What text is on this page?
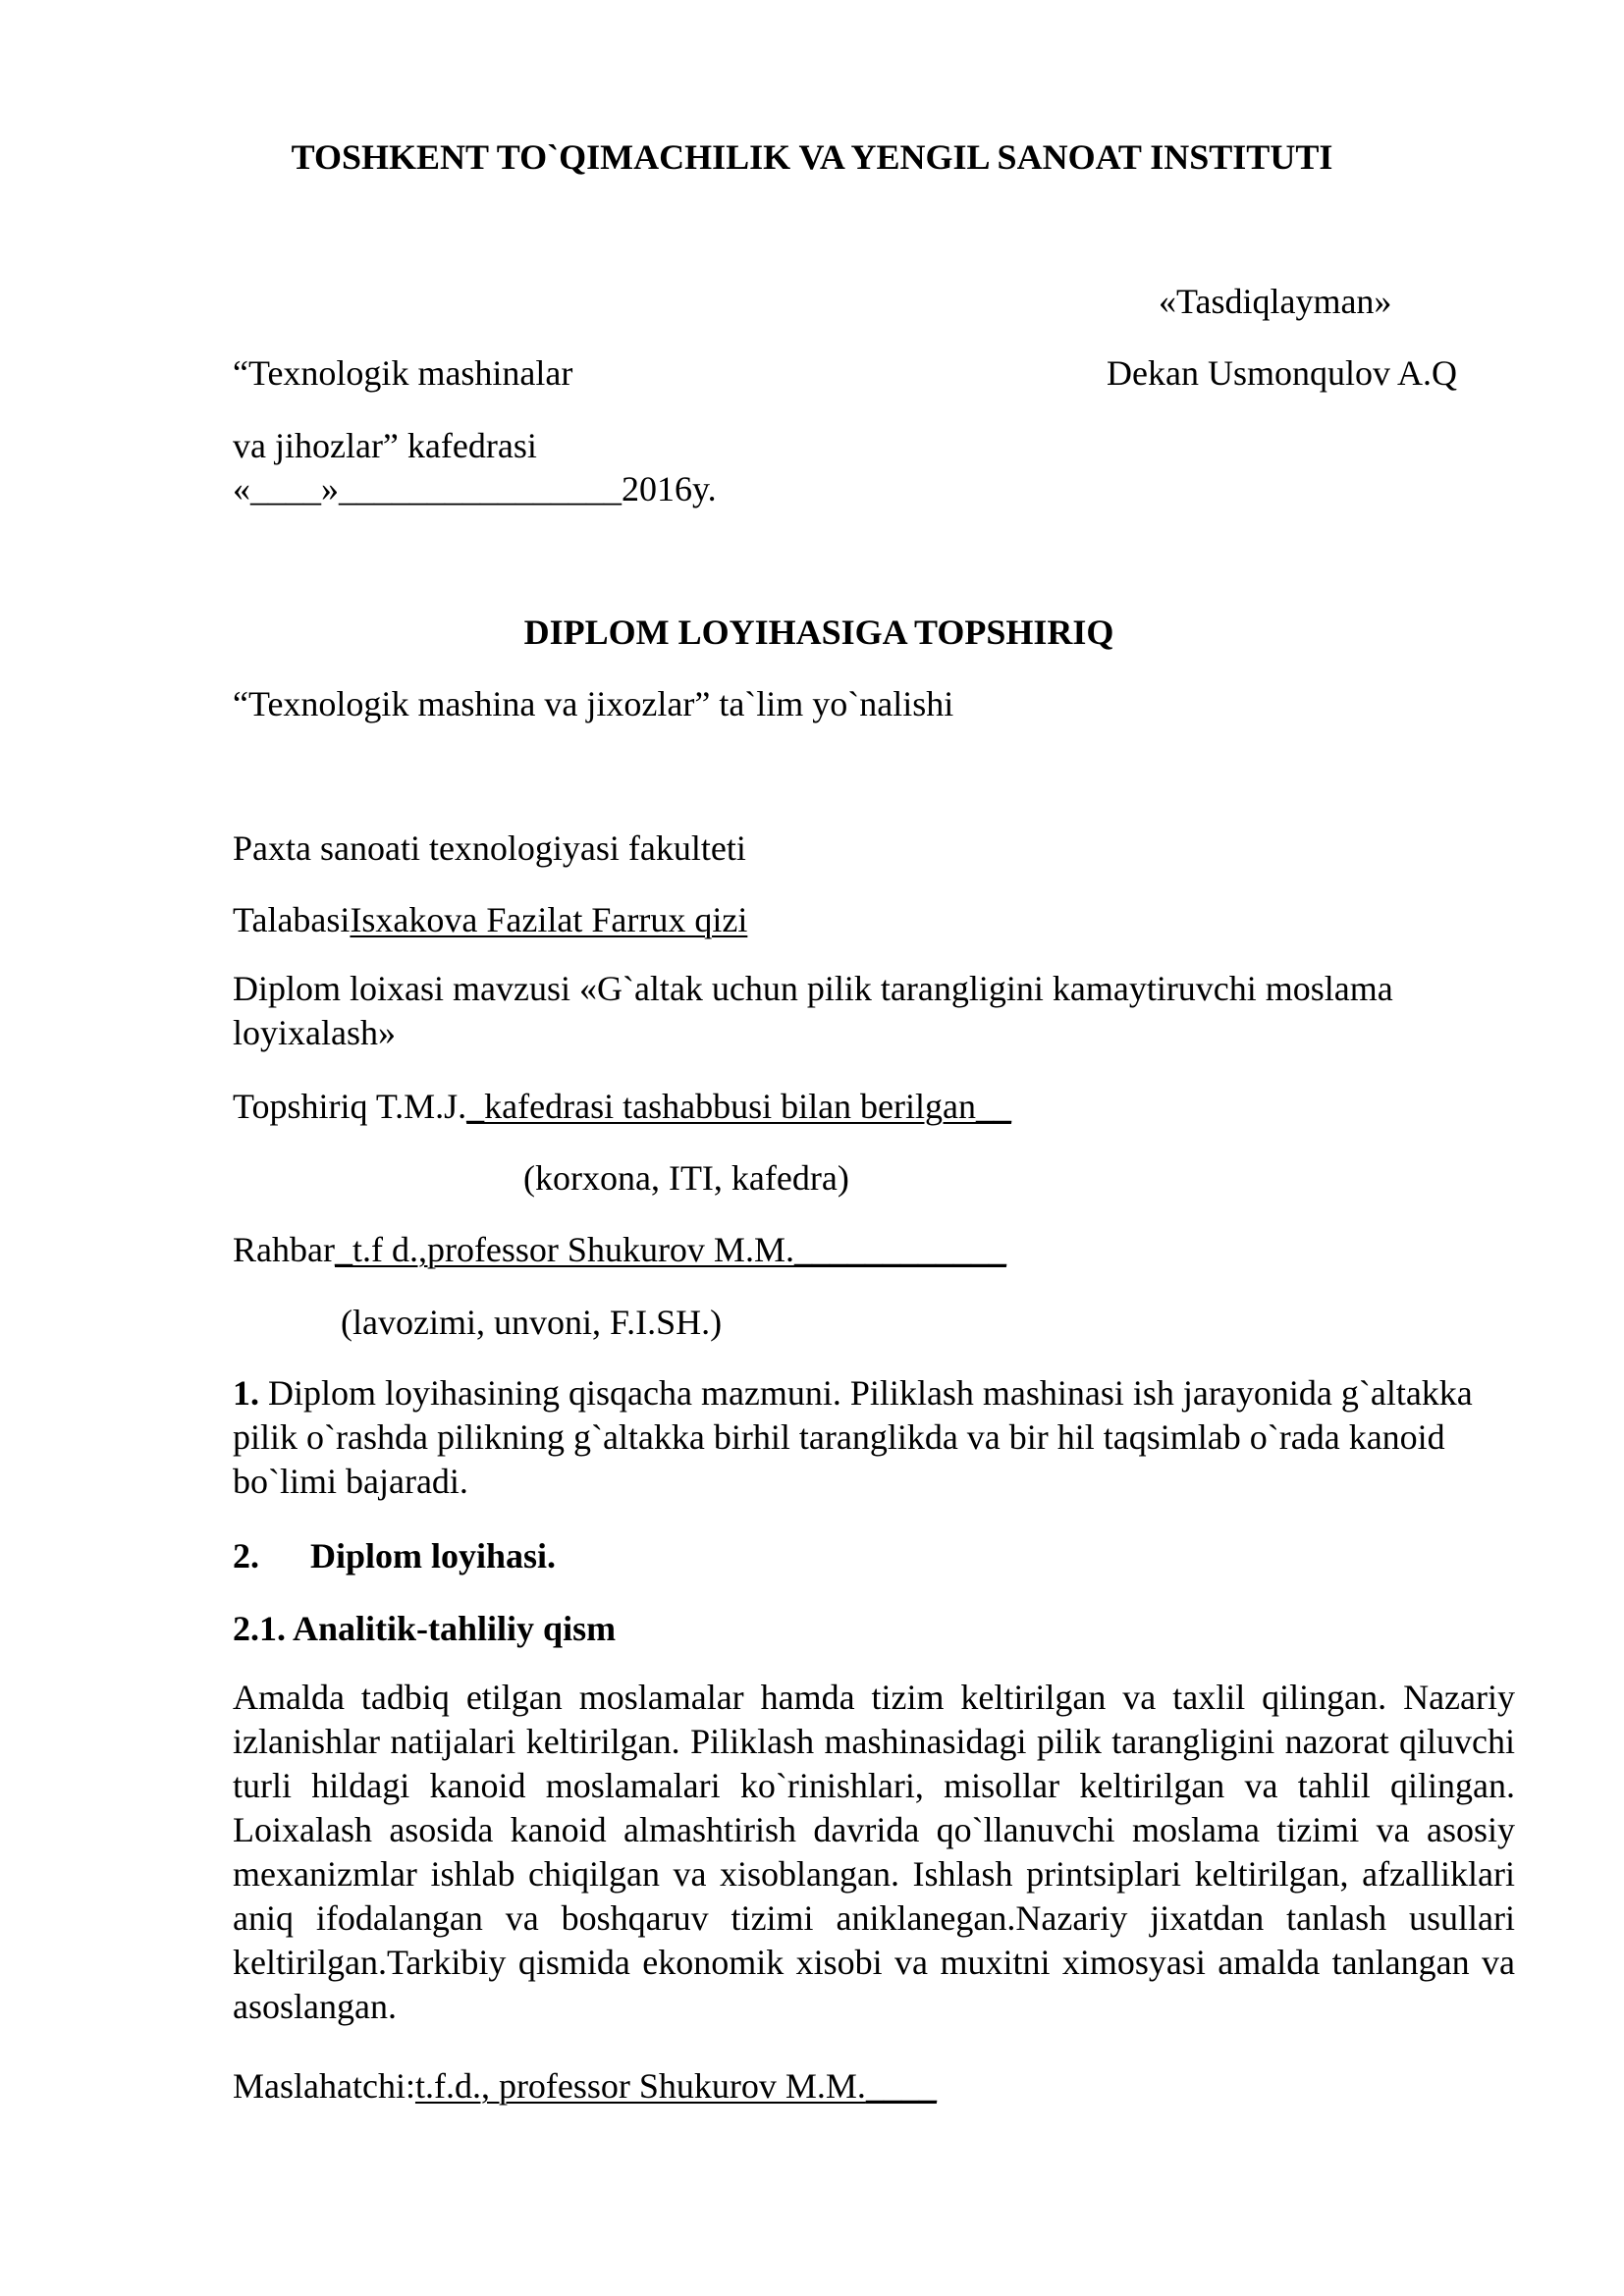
TOSHKENT TO`QIMACHILIK VA YENGIL SANOAT INSTITUTI
«Tasdiqlayman»
Dekan Usmonqulov A.Q
“Texnologik mashinalar
va jihozlar” kafedrasi
«____»________________2016y.
DIPLOM LOYIHASIGA TOPSHIRIQ
“Texnologik mashina va jixozlar” ta`lim yo`nalishi
Paxta sanoati texnologiyasi fakulteti
TalabasiIsxakova Fazilat Farrux qizi
Diplom loixasi mavzusi «G`altak uchun pilik tarangligini kamaytiruvchi moslama loyixalash»
Topshiriq T.M.J._kafedrasi tashabbusi bilan berilgan__
(korxona, ITI, kafedra)
Rahbar_t.f d.,professor Shukurov M.M.____________
(lavozimi, unvoni, F.I.SH.)
1. Diplom loyihasining qisqacha mazmuni. Piliklash mashinasi ish jarayonida g`altakka pilik o`rashda pilikning g`altakka birhil taranglikda va bir hil taqsimlab o`rada kanoid bo`limi bajaradi.
2. Diplom loyihasi.
2.1. Analitik-tahliliy qism
Amalda tadbiq etilgan moslamalar hamda tizim keltirilgan va taxlil qilingan. Nazariy izlanishlar natijalari keltirilgan. Piliklash mashinasidagi pilik tarangligini nazorat qiluvchi turli hildagi kanoid moslamalari ko`rinishlari, misollar keltirilgan va tahlil qilingan. Loixalash asosida kanoid almashtirish davrida qo`llanuvchi moslama tizimi va asosiy mexanizmlar ishlab chiqilgan va xisoblangan. Ishlash printsiplari keltirilgan, afzalliklari aniq ifodalangan va boshqaruv tizimi aniklanegan.Nazariy jixatdan tanlash usullari keltirilgan.Tarkibiy qismida ekonomik xisobi va muxitni ximosyasi amalda tanlangan va asoslangan.
Maslahatchi:t.f.d., professor Shukurov M.M.____
